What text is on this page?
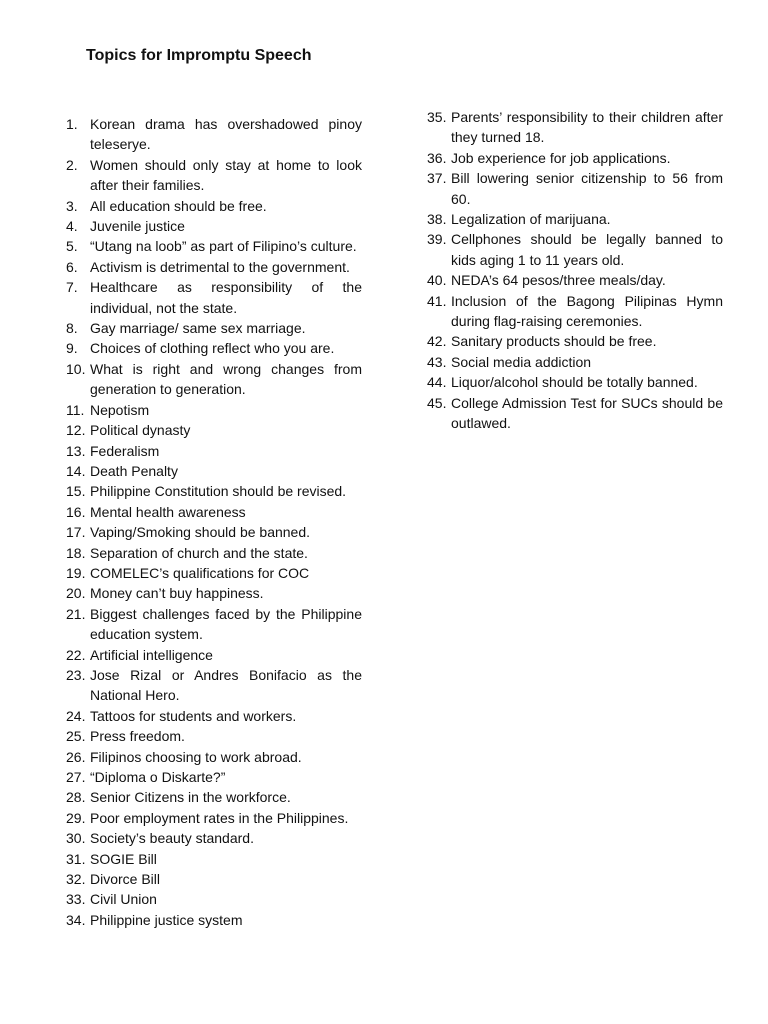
Topics for Impromptu Speech
1. Korean drama has overshadowed pinoy teleserye.
2. Women should only stay at home to look after their families.
3. All education should be free.
4. Juvenile justice
5. “Utang na loob” as part of Filipino’s culture.
6. Activism is detrimental to the government.
7. Healthcare as responsibility of the individual, not the state.
8. Gay marriage/ same sex marriage.
9. Choices of clothing reflect who you are.
10. What is right and wrong changes from generation to generation.
11. Nepotism
12. Political dynasty
13. Federalism
14. Death Penalty
15. Philippine Constitution should be revised.
16. Mental health awareness
17. Vaping/Smoking should be banned.
18. Separation of church and the state.
19. COMELEC’s qualifications for COC
20. Money can’t buy happiness.
21. Biggest challenges faced by the Philippine education system.
22. Artificial intelligence
23. Jose Rizal or Andres Bonifacio as the National Hero.
24. Tattoos for students and workers.
25. Press freedom.
26. Filipinos choosing to work abroad.
27. “Diploma o Diskarte?”
28. Senior Citizens in the workforce.
29. Poor employment rates in the Philippines.
30. Society’s beauty standard.
31. SOGIE Bill
32. Divorce Bill
33. Civil Union
34. Philippine justice system
35. Parents’ responsibility to their children after they turned 18.
36. Job experience for job applications.
37. Bill lowering senior citizenship to 56 from 60.
38. Legalization of marijuana.
39. Cellphones should be legally banned to kids aging 1 to 11 years old.
40. NEDA’s 64 pesos/three meals/day.
41. Inclusion of the Bagong Pilipinas Hymn during flag-raising ceremonies.
42. Sanitary products should be free.
43. Social media addiction
44. Liquor/alcohol should be totally banned.
45. College Admission Test for SUCs should be outlawed.
